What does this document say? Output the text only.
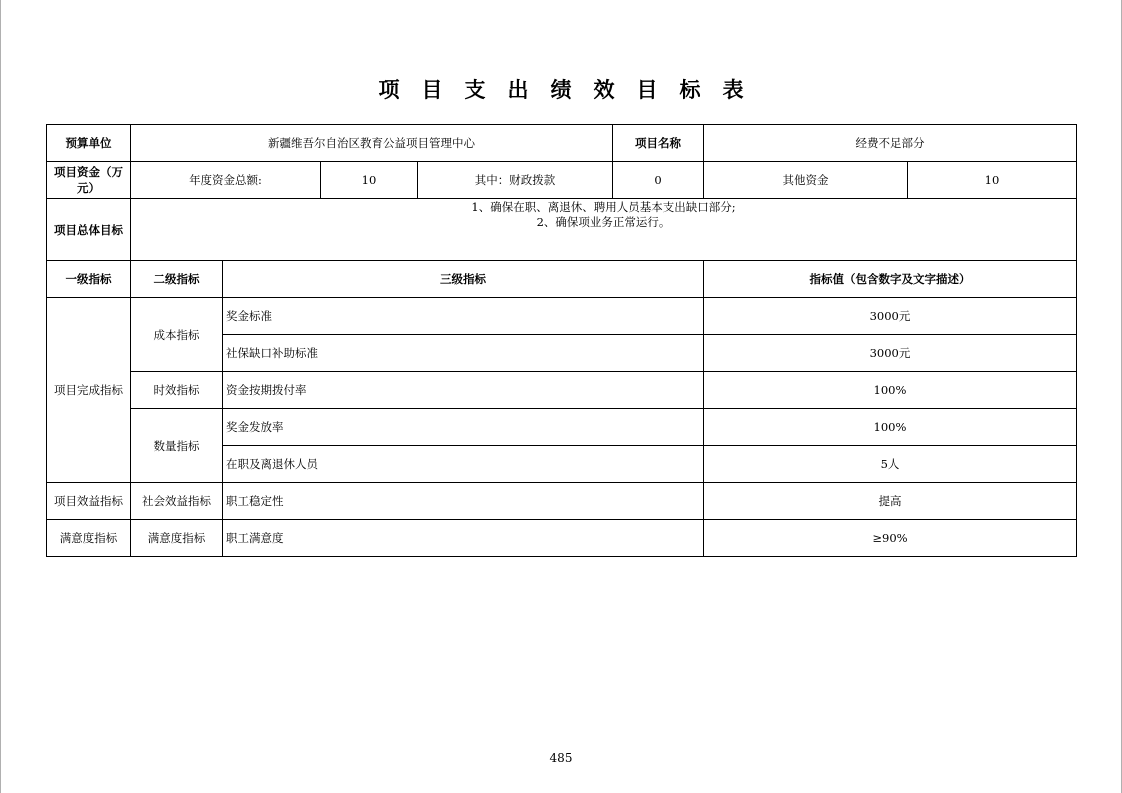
项目支出绩效目标表
预算单位	新疆维吾尔自治区教育公益项目管理中心				项目名称	经费不足部分	
项目资金（万元）	年度资金总额:		10	其中：财政拨款	0	其他资金	10
项目总体目标	1、确保在职、离退休、聘用人员基本支出缺口部分;
2、确保项业务正常运行。						

一级指标	二级指标	三级指标				指标值（包含数字及文字描述）	
项目完成指标	成本指标	奖金标准				3000元	
		社保缺口补助标准				3000元	
	时效指标	资金按期拨付率				100%	
	数量指标	奖金发放率				100%	
		在职及离退休人员				5人	
项目效益指标	社会效益指标	职工稳定性				提高	
满意度指标	满意度指标	职工满意度				≥90%	
485
